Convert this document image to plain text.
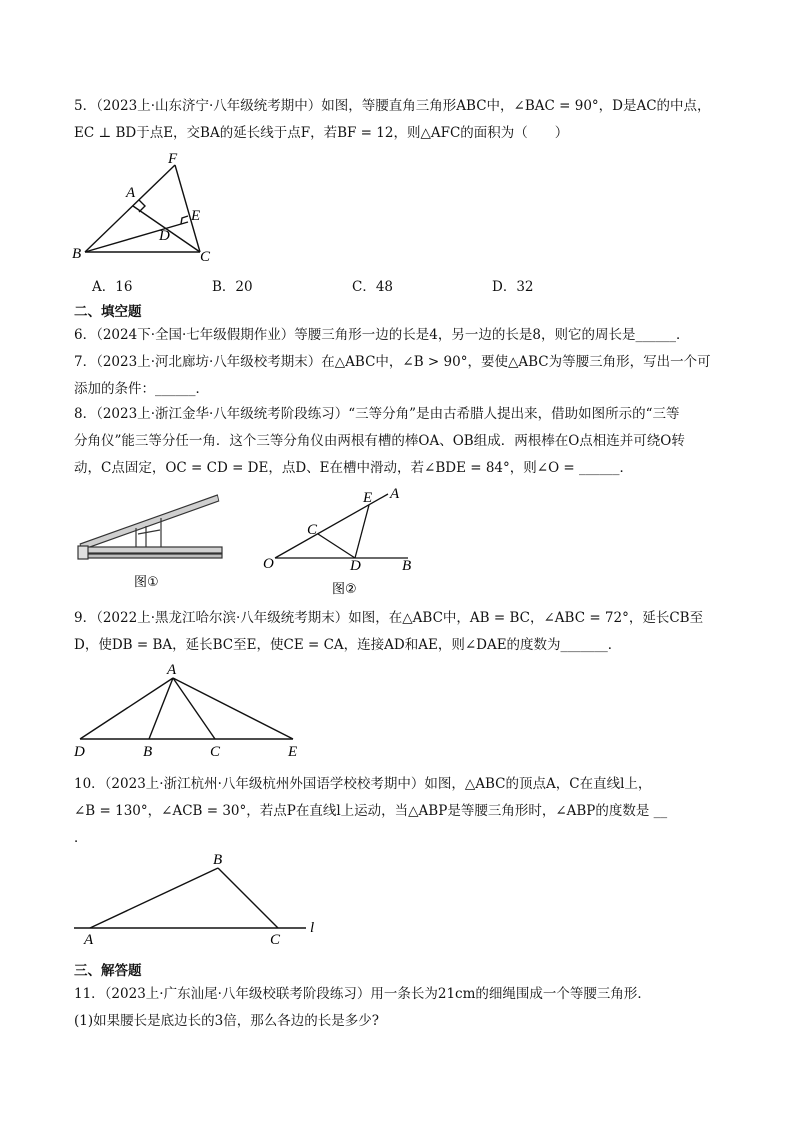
5．（2023上·山东济宁·八年级统考期中）如图，等腰直角三角形ABC中，∠BAC = 90°，D是AC的中点，
EC ⊥ BD于点E，交BA的延长线于点F，若BF = 12，则△AFC的面积为（　　）
F
A
E
D
B	C
A．16	B．20	C．48	D．32
二、填空题
6．（2024下·全国·七年级假期作业）等腰三角形一边的长是4，另一边的长是8，则它的周长是______．
7．（2023上·河北廊坊·八年级校考期末）在△ABC中，∠B > 90°，要使△ABC为等腰三角形，写出一个可
添加的条件：______．
8．（2023上·浙江金华·八年级统考阶段练习）“三等分角”是由古希腊人提出来，借助如图所示的“三等
分角仪”能三等分任一角．这个三等分角仪由两根有槽的棒OA、OB组成．两根棒在O点相连并可绕O转
动，C点固定，OC = CD = DE，点D、E在槽中滑动，若∠BDE = 84°，则∠O = ______．
图①
A
E
C
O	D	B
图②
9．（2022上·黑龙江哈尔滨·八年级统考期末）如图，在△ABC中，AB = BC，∠ABC = 72°，延长CB至
D，使DB = BA，延长BC至E，使CE = CA，连接AD和AE，则∠DAE的度数为_______．
A
D	B	C	E
10．（2023上·浙江杭州·八年级杭州外国语学校校考期中）如图，△ABC的顶点A，C在直线l上，
∠B = 130°，∠ACB = 30°，若点P在直线l上运动，当△ABP是等腰三角形时，∠ABP的度数是 __
．
B
A	C
l
三、解答题
11．（2023上·广东汕尾·八年级校联考阶段练习）用一条长为21cm的细绳围成一个等腰三角形．
(1)如果腰长是底边长的3倍，那么各边的长是多少?
